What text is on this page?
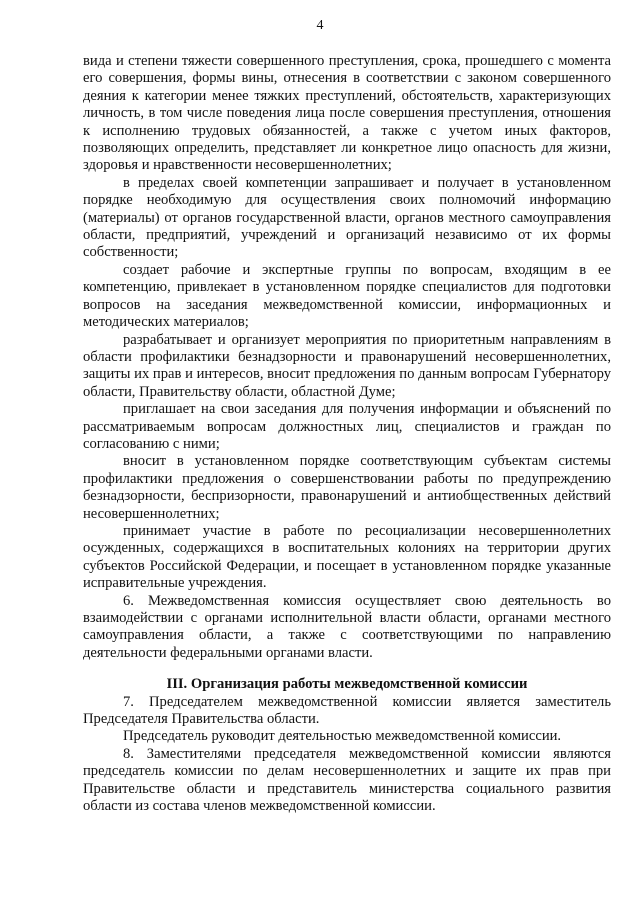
4

вида и степени тяжести совершенного преступления, срока, прошедшего с момента его совершения, формы вины, отнесения в соответствии с законом совершенного деяния к категории менее тяжких преступлений, обстоятельств, характеризующих личность, в том числе поведения лица после совершения преступления, отношения к исполнению трудовых обязанностей, а также с учетом иных факторов, позволяющих определить, представляет ли конкретное лицо опасность для жизни, здоровья и нравственности несовершеннолетних;

в пределах своей компетенции запрашивает и получает в установленном порядке необходимую для осуществления своих полномочий информацию (материалы) от органов государственной власти, органов местного самоуправления области, предприятий, учреждений и организаций независимо от их формы собственности;

создает рабочие и экспертные группы по вопросам, входящим в ее компетенцию, привлекает в установленном порядке специалистов для подготовки вопросов на заседания межведомственной комиссии, информационных и методических материалов;

разрабатывает и организует мероприятия по приоритетным направлениям в области профилактики безнадзорности и правонарушений несовершеннолетних, защиты их прав и интересов, вносит предложения по данным вопросам Губернатору области, Правительству области, областной Думе;

приглашает на свои заседания для получения информации и объяснений по рассматриваемым вопросам должностных лиц, специалистов и граждан по согласованию с ними;

вносит в установленном порядке соответствующим субъектам системы профилактики предложения о совершенствовании работы по предупреждению безнадзорности, беспризорности, правонарушений и антиобщественных действий несовершеннолетних;

принимает участие в работе по ресоциализации несовершеннолетних осужденных, содержащихся в воспитательных колониях на территории других субъектов Российской Федерации, и посещает в установленном порядке указанные исправительные учреждения.

6. Межведомственная комиссия осуществляет свою деятельность во взаимодействии с органами исполнительной власти области, органами местного самоуправления области, а также с соответствующими по направлению деятельности федеральными органами власти.

III. Организация работы межведомственной комиссии

7. Председателем межведомственной комиссии является заместитель Председателя Правительства области.

Председатель руководит деятельностью межведомственной комиссии.

8. Заместителями председателя межведомственной комиссии являются председатель комиссии по делам несовершеннолетних и защите их прав при Правительстве области и представитель министерства социального развития области из состава членов межведомственной комиссии.
